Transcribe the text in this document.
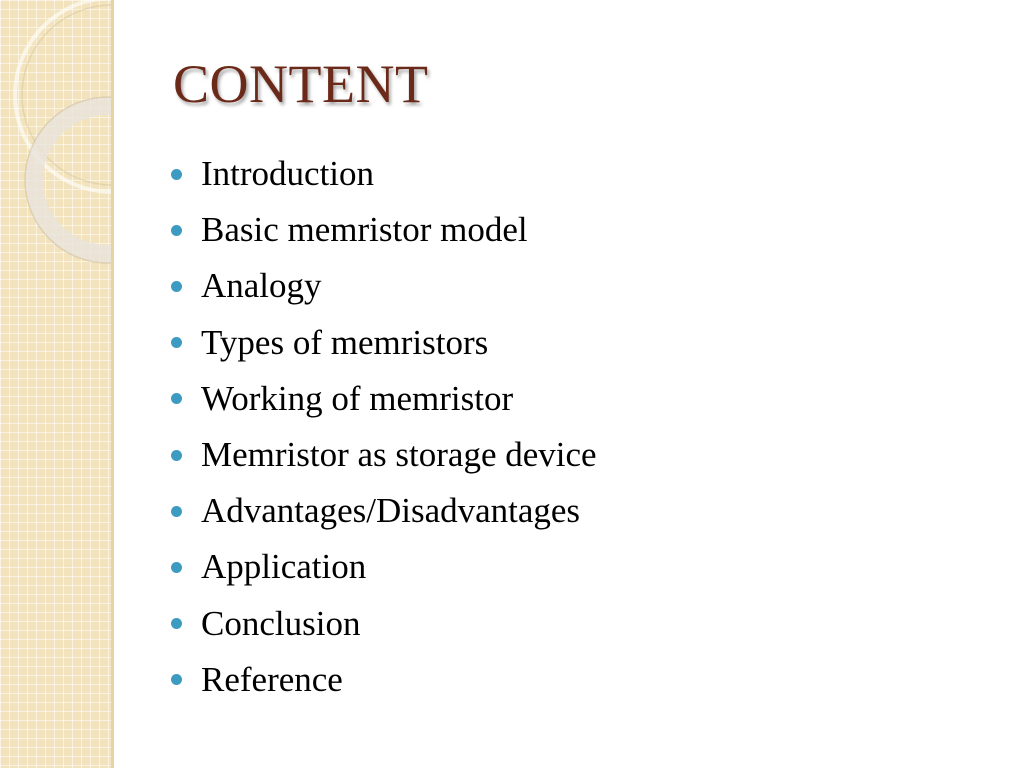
CONTENT
Introduction
Basic memristor model
Analogy
Types of memristors
Working of memristor
Memristor as storage device
Advantages/Disadvantages
Application
Conclusion
Reference
